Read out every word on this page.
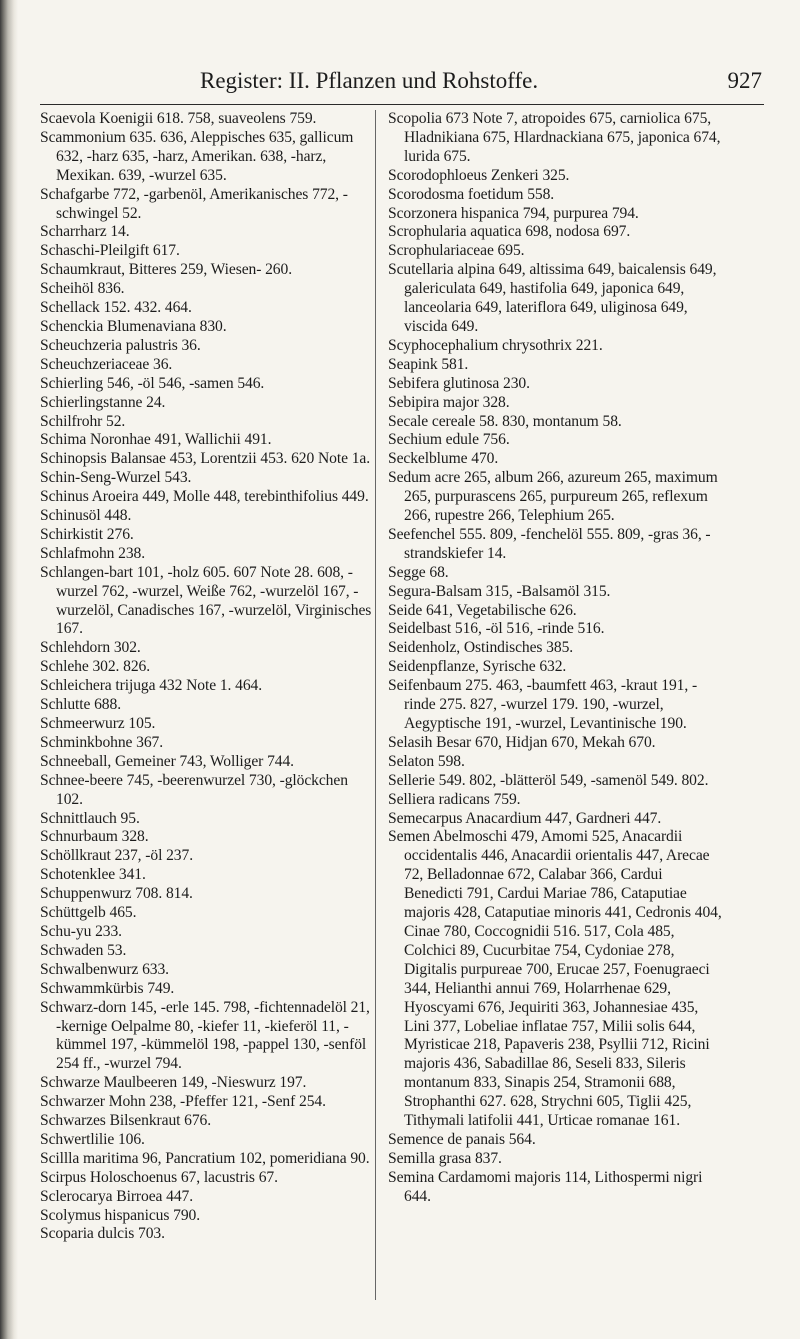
Register: II. Pflanzen und Rohstoffe.	927

Scaevola Koenigii 618. 758, suaveolens 759.

Scammonium 635. 636, Aleppisches 635, gallicum 632, -harz 635, -harz, Amerikan. 638, -harz, Mexikan. 639, -wurzel 635.

Schafgarbe 772, -garbenöl, Amerikanisches 772, -schwingel 52.

Scharrharz 14.

Schaschi-Pleilgift 617.

Schaumkraut, Bitteres 259, Wiesen- 260.

Scheihöl 836.

Schellack 152. 432. 464.

Schenckia Blumenaviana 830.

Scheuchzeria palustris 36.

Scheuchzeriaceae 36.

Schierling 546, -öl 546, -samen 546.

Schierlingstanne 24.

Schilfrohr 52.

Schima Noronhae 491, Wallichii 491.

Schinopsis Balansae 453, Lorentzii 453. 620 Note 1a.

Schin-Seng-Wurzel 543.

Schinus Aroeira 449, Molle 448, terebinthifolius 449.

Schinusöl 448.

Schirkistit 276.

Schlafmohn 238.

Schlangen-bart 101, -holz 605. 607 Note 28. 608, -wurzel 762, -wurzel, Weiße 762, -wurzelöl 167, -wurzelöl, Canadisches 167, -wurzelöl, Virginisches 167.

Schlehdorn 302.

Schlehe 302. 826.

Schleichera trijuga 432 Note 1. 464.

Schlutte 688.

Schmeerwurz 105.

Schminkbohne 367.

Schneeball, Gemeiner 743, Wolliger 744.

Schnee-beere 745, -beerenwurzel 730, -glöckchen 102.

Schnittlauch 95.

Schnurbaum 328.

Schöllkraut 237, -öl 237.

Schotenklee 341.

Schuppenwurz 708. 814.

Schüttgelb 465.

Schu-yu 233.

Schwaden 53.

Schwalbenwurz 633.

Schwammkürbis 749.

Schwarz-dorn 145, -erle 145. 798, -fichtennadelöl 21, -kernige Oelpalme 80, -kiefer 11, -kieferöl 11, -kümmel 197, -kümmelöl 198, -pappel 130, -senföl 254 ff., -wurzel 794.

Schwarze Maulbeeren 149, -Nieswurz 197.

Schwarzer Mohn 238, -Pfeffer 121, -Senf 254.

Schwarzes Bilsenkraut 676.

Schwertlilie 106.

Scillla maritima 96, Pancratium 102, pomeridiana 90.

Scirpus Holoschoenus 67, lacustris 67.

Sclerocarya Birroea 447.

Scolymus hispanicus 790.

Scoparia dulcis 703.

Scopolia 673 Note 7, atropoides 675, carniolica 675, Hladnikiana 675, Hlardnackiana 675, japonica 674, lurida 675.

Scorodophloeus Zenkeri 325.

Scorodosma foetidum 558.

Scorzonera hispanica 794, purpurea 794.

Scrophularia aquatica 698, nodosa 697.

Scrophulariaceae 695.

Scutellaria alpina 649, altissima 649, baicalensis 649, galericulata 649, hastifolia 649, japonica 649, lanceolaria 649, lateriflora 649, uliginosa 649, viscida 649.

Scyphocephalium chrysothrix 221.

Seapink 581.

Sebifera glutinosa 230.

Sebipira major 328.

Secale cereale 58. 830, montanum 58.

Sechium edule 756.

Seckelblume 470.

Sedum acre 265, album 266, azureum 265, maximum 265, purpurascens 265, purpureum 265, reflexum 266, rupestre 266, Telephium 265.

Seefenchel 555. 809, -fenchelöl 555. 809, -gras 36, -strandskiefer 14.

Segge 68.

Segura-Balsam 315, -Balsamöl 315.

Seide 641, Vegetabilische 626.

Seidelbast 516, -öl 516, -rinde 516.

Seidenholz, Ostindisches 385.

Seidenpflanze, Syrische 632.

Seifenbaum 275. 463, -baumfett 463, -kraut 191, -rinde 275. 827, -wurzel 179. 190, -wurzel, Aegyptische 191, -wurzel, Levantinische 190.

Selasih Besar 670, Hidjan 670, Mekah 670.

Selaton 598.

Sellerie 549. 802, -blätteröl 549, -samenöl 549. 802.

Selliera radicans 759.

Semecarpus Anacardium 447, Gardneri 447.

Semen Abelmoschi 479, Amomi 525, Anacardii occidentalis 446, Anacardii orientalis 447, Arecae 72, Belladonnae 672, Calabar 366, Cardui Benedicti 791, Cardui Mariae 786, Cataputiae majoris 428, Cataputiae minoris 441, Cedronis 404, Cinae 780, Coccognidii 516. 517, Cola 485, Colchici 89, Cucurbitae 754, Cydoniae 278, Digitalis purpureae 700, Erucae 257, Foenugraeci 344, Helianthi annui 769, Holarrhenae 629, Hyoscyami 676, Jequiriti 363, Johannesiae 435, Lini 377, Lobeliae inflatae 757, Milii solis 644, Myristicae 218, Papaveris 238, Psyllii 712, Ricini majoris 436, Sabadillae 86, Seseli 833, Sileris montanum 833, Sinapis 254, Stramonii 688, Strophanthi 627. 628, Strychni 605, Tiglii 425, Tithymali latifolii 441, Urticae romanae 161.

Semence de panais 564.

Semilla grasa 837.

Semina Cardamomi majoris 114, Lithospermi nigri 644.
